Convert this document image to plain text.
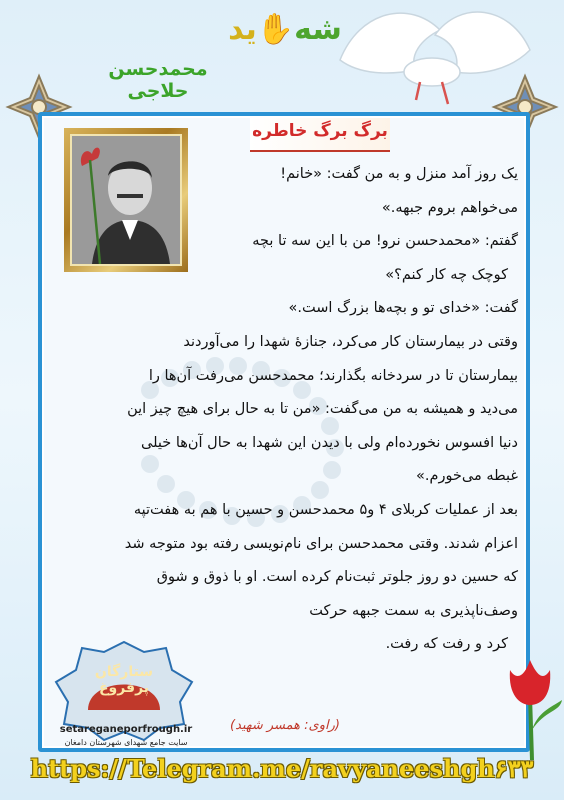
شه✋ید
محمدحسن حلاجی
برگ برگ خاطره

یک روز آمد منزل و به من گفت: «خانم!

می‌خواهم بروم جبهه.»

گفتم: «محمدحسن نرو! من با این سه تا بچه

کوچک چه کار کنم؟»

گفت: «خدای تو و بچه‌ها بزرگ است.»

وقتی در بیمارستان کار می‌کرد، جنازهٔ شهدا را می‌آوردند

بیمارستان تا در سردخانه بگذارند؛ محمدحسن می‌رفت آن‌ها را

می‌دید و همیشه به من می‌گفت: «من تا به حال برای هیچ چیز این

دنیا افسوس نخورده‌ام ولی با دیدن این شهدا به حال آن‌ها خیلی

غبطه می‌خورم.»

بعد از عملیات کربلای ۴ و۵ محمدحسن و حسین با هم به هفت‌تپه

اعزام شدند. وقتی محمدحسن برای نام‌نویسی رفته بود متوجه شد

که حسین دو روز جلوتر ثبت‌نام کرده است. او با ذوق و شوق

وصف‌ناپذیری به سمت جبهه حرکت

کرد و رفت که رفت.

(راوی: همسر شهید)
ستارگان پرفروغ
setareganeporfrough.ir
سایت جامع شهدای شهرستان دامغان
https://Telegram.me/ravyaneeshgh۶۳۳
